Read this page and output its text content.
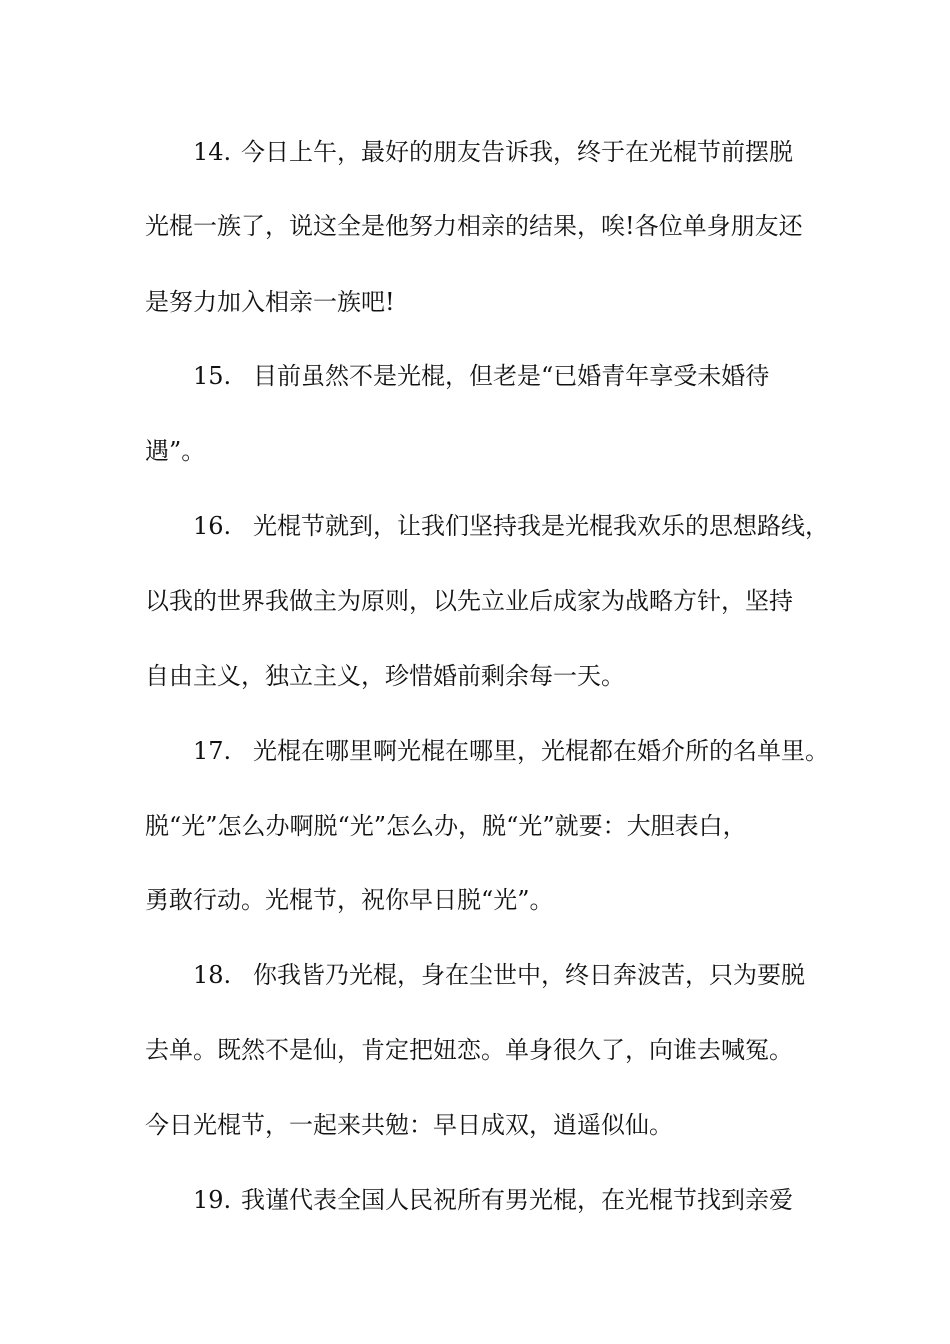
14. 今日上午，最好的朋友告诉我，终于在光棍节前摆脱
光棍一族了，说这全是他努力相亲的结果，唉!各位单身朋友还
是努力加入相亲一族吧!
15. 目前虽然不是光棍，但老是“已婚青年享受未婚待
遇”。
16. 光棍节就到，让我们坚持我是光棍我欢乐的思想路线，
以我的世界我做主为原则，以先立业后成家为战略方针，坚持
自由主义，独立主义，珍惜婚前剩余每一天。
17. 光棍在哪里啊光棍在哪里，光棍都在婚介所的名单里。
脱“光”怎么办啊脱“光”怎么办，脱“光”就要：大胆表白，
勇敢行动。光棍节，祝你早日脱“光”。
18. 你我皆乃光棍，身在尘世中，终日奔波苦，只为要脱
去单。既然不是仙，肯定把妞恋。单身很久了，向谁去喊冤。
今日光棍节，一起来共勉：早日成双，逍遥似仙。
19. 我谨代表全国人民祝所有男光棍，在光棍节找到亲爱
